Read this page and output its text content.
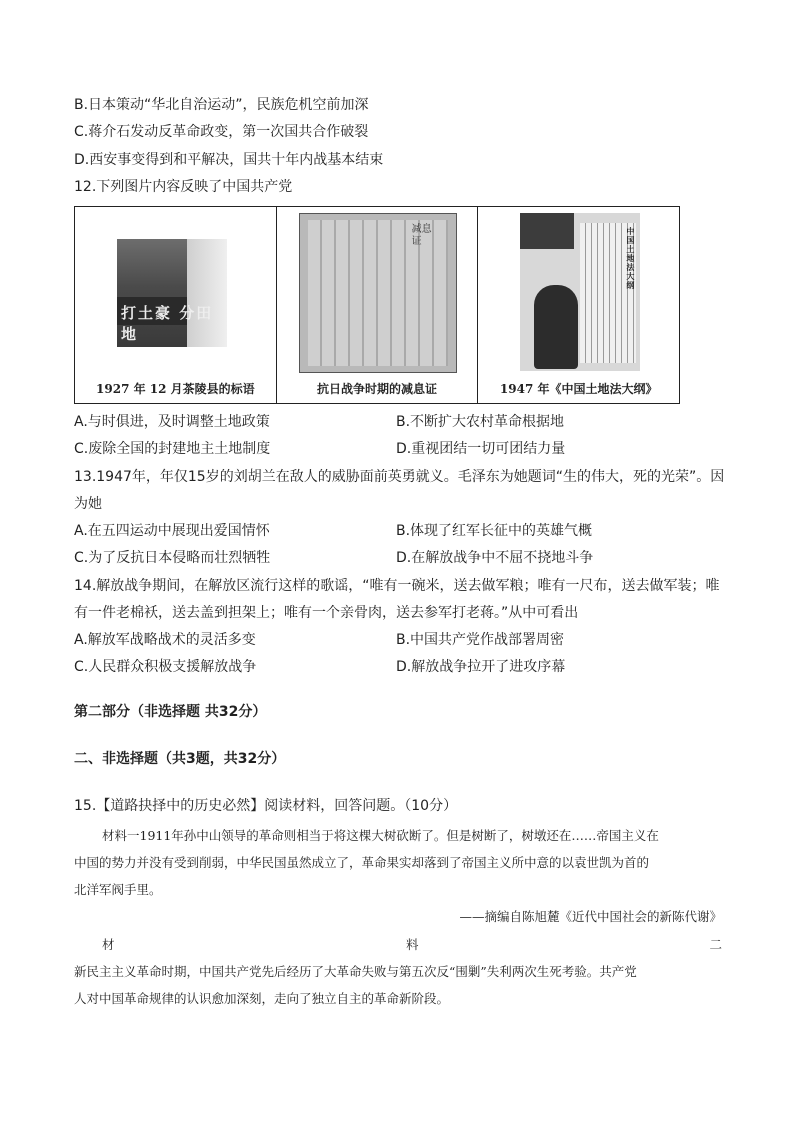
B.日本策动“华北自治运动”，民族危机空前加深
C.蒋介石发动反革命政变，第一次国共合作破裂
D.西安事变得到和平解决，国共十年内战基本结束
12.下列图片内容反映了中国共产党
打土豪 分田地
1927 年 12 月茶陵县的标语
减息证
抗日战争时期的减息证
中国土地法大纲
1947 年《中国土地法大纲》
A.与时俱进，及时调整土地政策	B.不断扩大农村革命根据地
C.废除全国的封建地主土地制度	D.重视团结一切可团结力量
13.1947年，年仅15岁的刘胡兰在敌人的威胁面前英勇就义。毛泽东为她题词“生的伟大，死的光荣”。因
为她
A.在五四运动中展现出爱国情怀	B.体现了红军长征中的英雄气概
C.为了反抗日本侵略而壮烈牺牲	D.在解放战争中不屈不挠地斗争
14.解放战争期间，在解放区流行这样的歌谣，“唯有一碗米，送去做军粮；唯有一尺布，送去做军装；唯
有一件老棉袄，送去盖到担架上；唯有一个亲骨肉，送去参军打老蒋。”从中可看出
A.解放军战略战术的灵活多变	B.中国共产党作战部署周密
C.人民群众积极支援解放战争	D.解放战争拉开了进攻序幕
第二部分（非选择题 共32分）
二、非选择题（共3题，共32分）
15.【道路抉择中的历史必然】阅读材料，回答问题。（10分）
材料一1911年孙中山领导的革命则相当于将这棵大树砍断了。但是树断了，树墩还在……帝国主义在
中国的势力并没有受到削弱，中华民国虽然成立了，革命果实却落到了帝国主义所中意的以袁世凯为首的
北洋军阀手里。
——摘编自陈旭麓《近代中国社会的新陈代谢》
材	料	二
新民主主义革命时期，中国共产党先后经历了大革命失败与第五次反“围剿”失利两次生死考验。共产党
人对中国革命规律的认识愈加深刻，走向了独立自主的革命新阶段。
